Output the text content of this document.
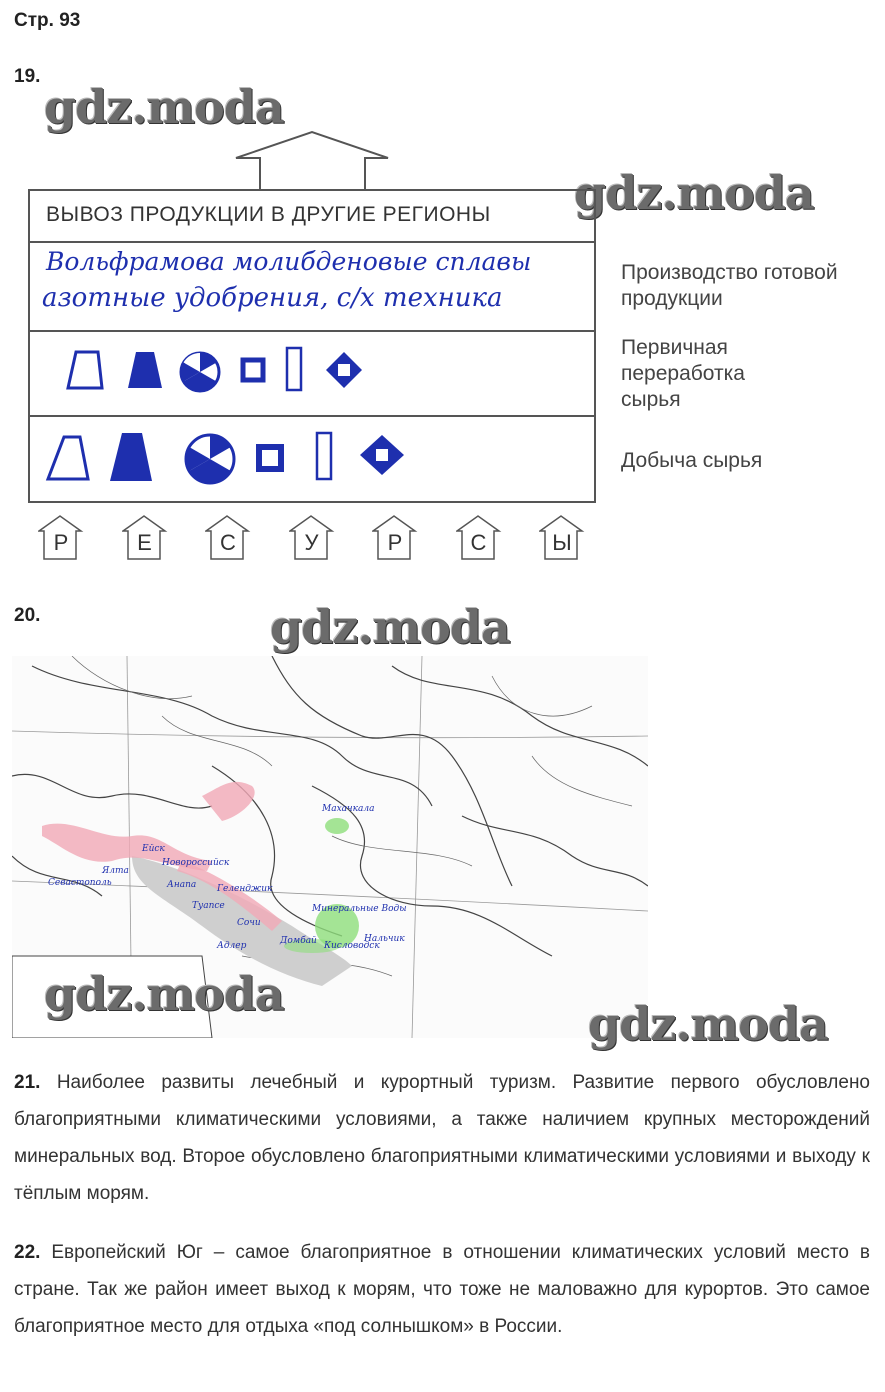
Стр. 93
19.
gdz.moda
gdz.moda
ВЫВОЗ ПРОДУКЦИИ В ДРУГИЕ РЕГИОНЫ
Вольфрамова молибденовые сплавы
азотные удобрения, с/х техника
Производство готовой продукции
Первичная переработка сырья
Добыча сырья
Р	Е	С	У	Р	С	Ы
20.	gdz.moda
Махачкала
Анапа
Новороссийск
Геленджик
Туапсе
Сочи
Адлер
Севастополь
Ялта
Минеральные Воды
Кисловодск
Нальчик
Домбай
Ейск
gdz.moda
gdz.moda
21. Наиболее развиты лечебный и курортный туризм. Развитие первого обусловлено благоприятными климатическими условиями, а также наличием крупных месторождений минеральных вод. Второе обусловлено благоприятными климатическими условиями и выходу к тёплым морям.
22. Европейский Юг – самое благоприятное в отношении климатических условий место в стране. Так же район имеет выход к морям, что тоже не маловажно для курортов. Это самое благоприятное место для отдыха «под солнышком» в России.
